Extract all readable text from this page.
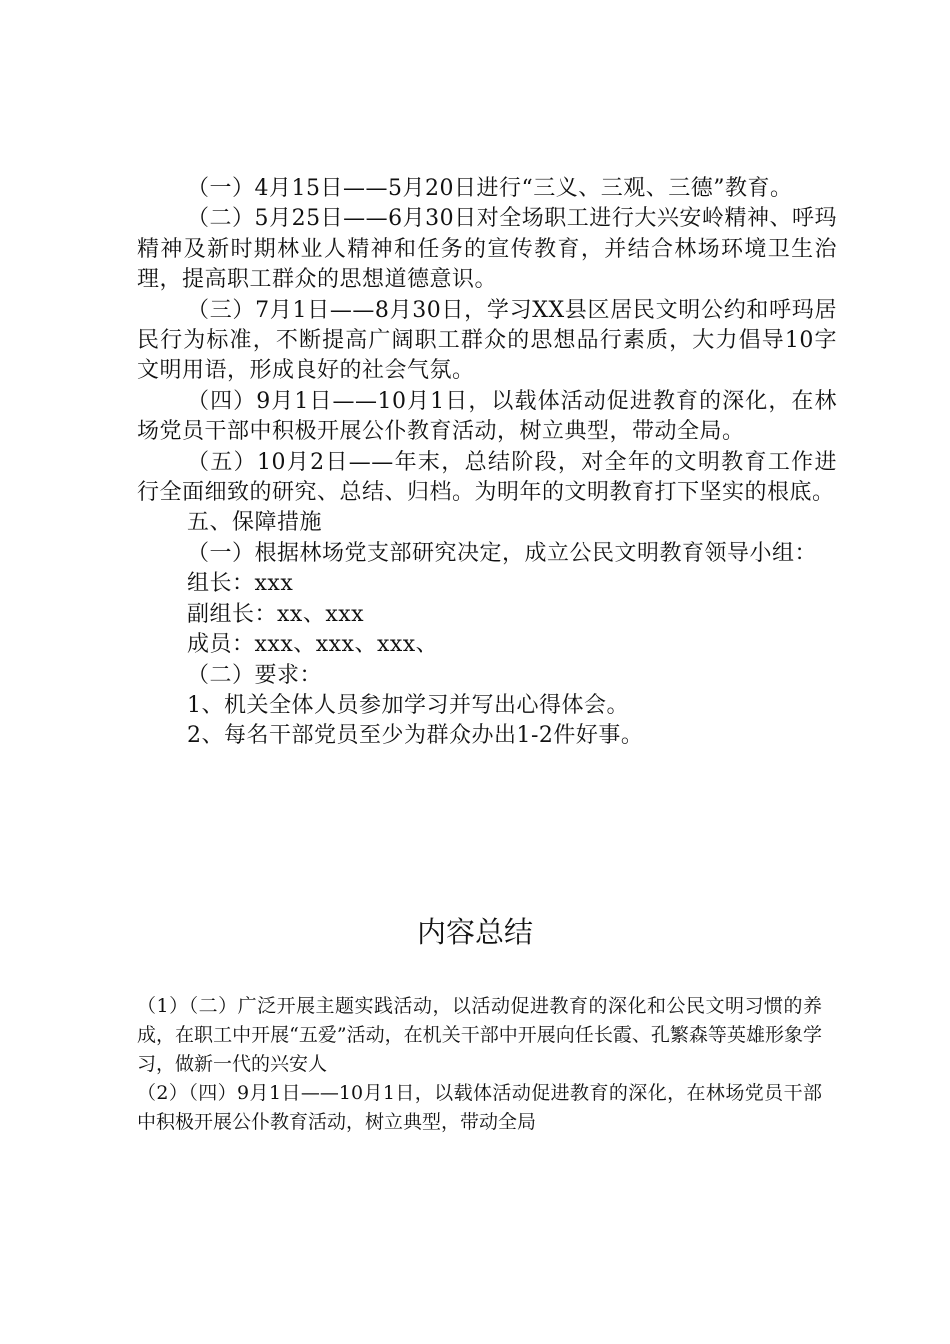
（一）4月15日——5月20日进行“三义、三观、三德”教育。

（二）5月25日——6月30日对全场职工进行大兴安岭精神、呼玛精神及新时期林业人精神和任务的宣传教育，并结合林场环境卫生治理，提高职工群众的思想道德意识。

（三）7月1日——8月30日，学习XX县区居民文明公约和呼玛居民行为标准，不断提高广阔职工群众的思想品行素质，大力倡导10字文明用语，形成良好的社会气氛。

（四）9月1日——10月1日，以载体活动促进教育的深化，在林场党员干部中积极开展公仆教育活动，树立典型，带动全局。

（五）10月2日——年末，总结阶段，对全年的文明教育工作进行全面细致的研究、总结、归档。为明年的文明教育打下坚实的根底。

五、保障措施

（一）根据林场党支部研究决定，成立公民文明教育领导小组：

组长：xxx

副组长：xx、xxx

成员：xxx、xxx、xxx、

（二）要求：

1、机关全体人员参加学习并写出心得体会。

2、每名干部党员至少为群众办出1-2件好事。

内容总结

（1）（二）广泛开展主题实践活动，以活动促进教育的深化和公民文明习惯的养成，在职工中开展“五爱”活动，在机关干部中开展向任长霞、孔繁森等英雄形象学习，做新一代的兴安人

（2）（四）9月1日——10月1日，以载体活动促进教育的深化，在林场党员干部中积极开展公仆教育活动，树立典型，带动全局
